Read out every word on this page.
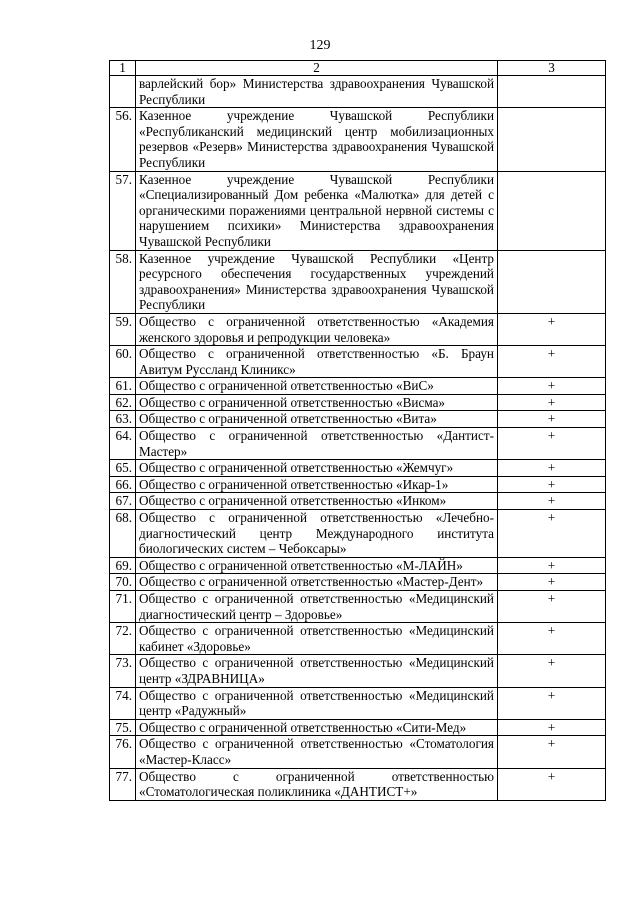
129
1	2	3
	варлейский бор» Министерства здравоохранения Чувашской Республики	
56.	Казенное учреждение Чувашской Республики «Республиканский медицинский центр мобилизационных резервов «Резерв» Министерства здравоохранения Чувашской Республики	
57.	Казенное учреждение Чувашской Республики «Специализированный Дом ребенка «Малютка» для детей с органическими поражениями центральной нервной системы с нарушением психики» Министерства здравоохранения Чувашской Республики	
58.	Казенное учреждение Чувашской Республики «Центр ресурсного обеспечения государственных учреждений здравоохранения» Министерства здравоохранения Чувашской Республики	
59.	Общество с ограниченной ответственностью «Академия женского здоровья и репродукции человека»	+
60.	Общество с ограниченной ответственностью «Б. Браун Авитум Руссланд Клиникс»	+
61.	Общество с ограниченной ответственностью «ВиС»	+
62.	Общество с ограниченной ответственностью «Висма»	+
63.	Общество с ограниченной ответственностью «Вита»	+
64.	Общество с ограниченной ответственностью «Дантист-Мастер»	+
65.	Общество с ограниченной ответственностью «Жемчуг»	+
66.	Общество с ограниченной ответственностью «Икар-1»	+
67.	Общество с ограниченной ответственностью «Инком»	+
68.	Общество с ограниченной ответственностью «Лечебно-диагностический центр Международного института биологических систем – Чебоксары»	+
69.	Общество с ограниченной ответственностью «М-ЛАЙН»	+
70.	Общество с ограниченной ответственностью «Мастер-Дент»	+
71.	Общество с ограниченной ответственностью «Медицинский диагностический центр – Здоровье»	+
72.	Общество с ограниченной ответственностью «Медицинский кабинет «Здоровье»	+
73.	Общество с ограниченной ответственностью «Медицинский центр «ЗДРАВНИЦА»	+
74.	Общество с ограниченной ответственностью «Медицинский центр «Радужный»	+
75.	Общество с ограниченной ответственностью «Сити-Мед»	+
76.	Общество с ограниченной ответственностью «Стоматология «Мастер-Класс»	+
77.	Общество с ограниченной ответственностью «Стоматологическая поликлиника «ДАНТИСТ+»	+
